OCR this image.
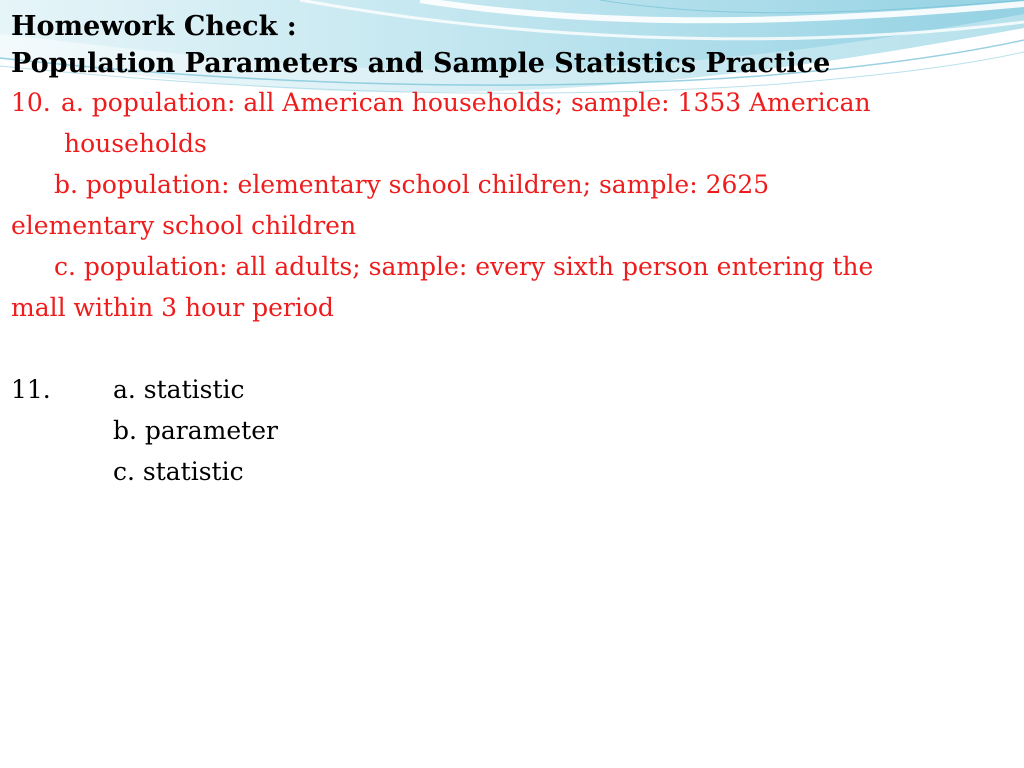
Homework Check :
Population Parameters and Sample Statistics Practice
10. a. population: all American households; sample: 1353 American
households
b. population: elementary school children; sample: 2625
elementary school children
c. population: all adults; sample: every sixth person entering the
mall within 3 hour period
11.	a. statistic
b. parameter
c. statistic
